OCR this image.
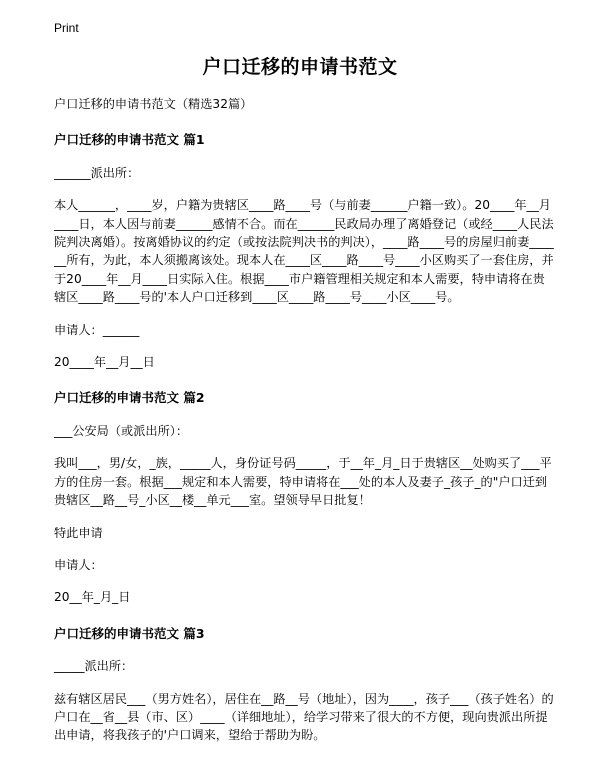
Print
户口迁移的申请书范文

户口迁移的申请书范文（精选32篇）

户口迁移的申请书范文 篇1

______派出所：

本人______，____岁，户籍为贵辖区____路____号（与前妻______户籍一致）。20____年__月____日，本人因与前妻______感情不合。而在______民政局办理了离婚登记（或经____人民法院判决离婚）。按离婚协议的约定（或按法院判决书的判决），____路____号的房屋归前妻______所有，为此，本人须搬离该处。现本人在____区____路____号____小区购买了一套住房，并于20____年__月____日实际入住。根据____市户籍管理相关规定和本人需要，特申请将在贵辖区____路____号的'本人户口迁移到____区____路____号____小区____号。

申请人：______

20____年__月__日

户口迁移的申请书范文 篇2

___公安局（或派出所）：

我叫___，男/女，_族，_____人，身份证号码_____，于__年_月_日于贵辖区__处购买了___平方的住房一套。根据___规定和本人需要，特申请将在___处的本人及妻子_孩子_的"户口迁到贵辖区__路__号_小区__楼__单元___室。望领导早日批复！

特此申请

申请人：

20__年_月_日

户口迁移的申请书范文 篇3

_____派出所：

兹有辖区居民___（男方姓名），居住在__路__号（地址），因为____，孩子___（孩子姓名）的户口在__省__县（市、区）____（详细地址），给学习带来了很大的不方便，现向贵派出所提出申请，将我孩子的'户口调来，望给于帮助为盼。
